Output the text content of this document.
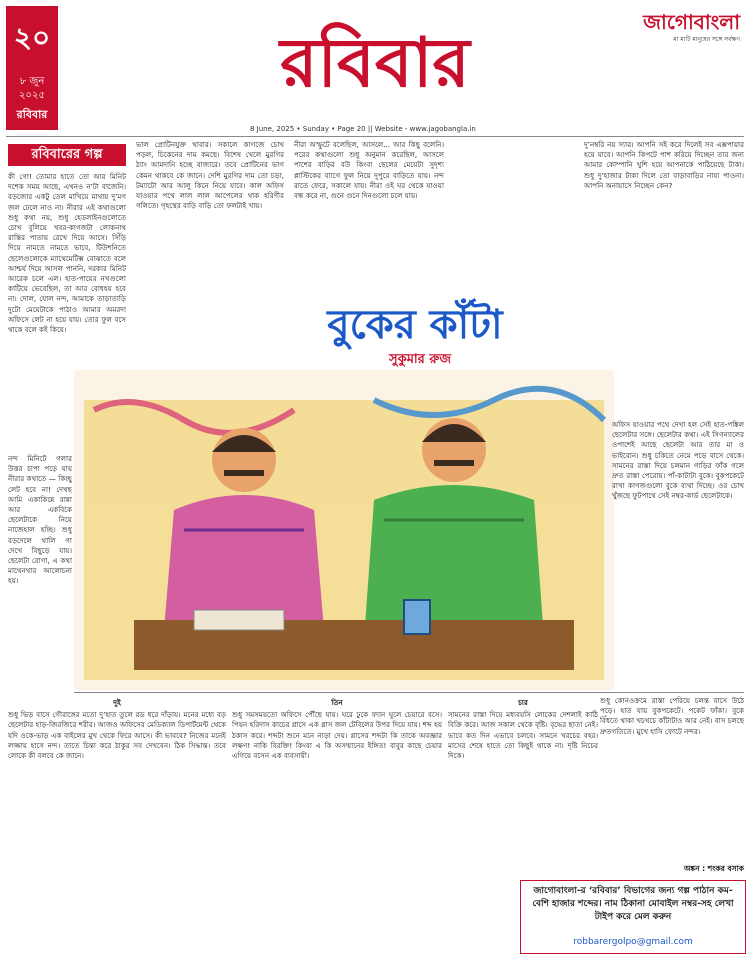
২০
৮ জুন
২০২৫
রবিবার
রবিবার
8 June, 2025 • Sunday • Page 20 || Website - www.jagobangla.in
জাগোবাংলা
মা মাটি মানুষের সঙ্গে সর্বক্ষণ
রবিবারের গল্প

কী গো! তোমার হাতে তো আর মিনিট দশেক সময় আছে, এখনও ন’টা বাজেনি। বড়জোর একটু তেল মাখিয়ে মাথায় দু’মগ জল ঢেলে নাও না। নীরার এই কথাগুলো শুধু কথা নয়, শুধু হেডলাইনগুলোতে চোখ বুলিয়ে খবর-কাগজটা লোকনাথ রাস্তির পাতায় রেখে দিয়ে আসে। সিঁড়ি দিয়ে নামতে নামতে ভাবে, টিউশনিতে ছেলেগুলোকে ম্যাথেমেটিক্স বোঝাতে বলে আশ্চর্য দিয়ে আসল পাননি, দরকার মিনিট আরেক চলে এল। হাত-পায়ের নখগুলো কাটিয়ে ভেবেছিল, তা আর বোধহয় হবে না। দোল, যোল নন্দ, আমাকে তাড়াতাড়ি দুটো মেয়েটাকে পাঠাও আমার অমরদা অফিসে লেট না হয়ে যায়। তোর ফুল বসে থাকে বলে কই কিয়ে।

নন্দ মিনিটে গলার উত্তর চাপা পড়ে যায় নীরার কথাতে — কিচ্ছু লেট হবে না! দেখছ আমি একাকিন্নে রান্না আর একবিকে ছেলেটাকে নিয়ে নাজেহাল হচ্ছি। শুধু বড়দেলে থালি গা দেখে বিছুড়ে যায়। ছেলেটা রোগা, এ কথা মাথেনথার আলোচনা হয়।

ভাল প্রোটিনযুক্ত খাবার। সকালে কাগজে চোখ পড়ল, চিকেনের দাম কমছে। বিশেষ খেলে মুরগির ঠ্যাং আমদানি হচ্ছে বাজারে। তবে প্রোটিনের ভাগ কেমন থাকবে কে জানে। দেশি মুরগির দাম তো চড়া, টম্যাটো আর আলু কিনে নিয়ে যাবে। কাল অফিস যাওয়ার পথে লাল লাল আপেলের থাক হরিণীর গলিতে। গৃহস্থের বাড়ি বাড়ি তো ফলটাই খায়।

নীরা অস্ফুটে বলেছিল, আসলে... আর কিছু বলেনি। পরের কথাগুলো শুধু অনুমান করেছিল, আসলে পাশের বাড়ির বউ কিংবা ছেলের মেয়েটা সুদৃশ্য প্লাস্টিকের ব্যাগে ফুল নিয়ে দুপুরে বাড়িতে যায়। নন্দ রাতে ফেরে, সকালে যায়। নীরা ওই ঘর থেকে যাওয়া বন্ধ করে না, গুনে গুনে দিনগুলো চলে যায়।

দু’নম্বরি নয় স্যার। আপনি সই করে দিলেই সব এক্সপায়ার হয়ে যাবে। আপনি কিপটে পাশ করিয়ে দিচ্ছেন তার জন্য আমার কোম্পানি খুশি হয়ে আপনাকে পাঠিয়েছে টাকা। শুধু দু’হাজার টাকা দিলে তো বাড়াবাড়ির নায্য পাওনা। আপনি অনায়াসে নিচ্ছেন কেন?

বুকের কাঁটা
সুকুমার রুজ

অফিস যাওয়ার পথে দেখা হল সেই হাত-পঙ্কিল ছেলেটার সঙ্গে। ছেলেটার কথা। এই সিগন্যালের ওপাশেই আছে ছেলেটা আর তার মা ও ভাইবোন। শুধু চকিতে নেমে পড়ে বাসে থেকে। সামনের রাস্তা দিয়ে চলমান গাড়ির ফাঁক গলে দ্রুত রাস্তা পেরোয়। পাঁ-কাটাটা বুকে। বুকপকেটে রাখা কাগজগুলো বুকে ব্যথা দিচ্ছে। ওর চোখ খুঁজছে ফুটপাথে সেই নম্বর-কার্ড ছেলেটাকে।

দুই

শুধু ভিড় বাসে গৌরাঙ্গের মতো দু’হাত তুলে রড ধরে দাঁড়ায়। মনের মধ্যে বড় ছেলেটার হাড়-জিরজিরে শরীর। আজও অফিসের মেডিক্যাল ডিপার্টমেন্ট থেকে যদি ওকে-ভাড় এক বাইলের মুখ থেকে ফিরে আসে। কী ভাববে? নিজের মনেই লজ্জায় হাসে নন্দ। তাতে চিন্তা করে ঠাকুর সব দেখবেন। ঠিক সিদ্ধান্ত। তবে লোকে কী বলবে কে জানে।

তিন

শুধু সমসময়তো অফিসে পৌঁছে যায়। ঘরে ঢুকে ফ্যান ঘুলে চেয়ারে বসে। পিয়ন হরিদাস কাচের গ্লাসে এক গ্লাস জল টেবিলের উপর দিয়ে যায়। শব্দ হয় ঠকাস করে। শব্দটা শুনে মনে নাড়া দেয়। গ্লাসের শব্দটা কি তাকে অবজ্ঞার লক্ষণ! নাকি বিরক্তি! কিংবা এ কি অসম্মানের ইঙ্গিত! বাবুর কাছে চেয়ার এগিয়ে বসেন এক ব্যবসায়ী।

চার

সামনের রাস্তা দিয়ে মধ্যবয়সি লোকের দেশলাই কাঠি বিক্রি করে। আজ সকাল থেকে বৃষ্টি। বৃদ্ধের ছাতা নেই। ভাবে কত দিন এভাবে চলবে। সামনে খরচের বহর। মাসের শেষে হাতে তো কিছুই থাকে না। দৃষ্টি নিচের দিকে।

শুধু কোনওক্রমে রাস্তা পেরিয়ে চলন্ত বাসে উঠে পড়ে। হাত যায় বুকপকেটে। পকেট ফাঁকা। বুকে বিঁধতে থাকা খচখচে কাঁটাটাও আর নেই। বাস চলছে দ্রুতগতিতে। মুখে হাসি ফোটে নন্দর।

অঙ্কন : শংকর বসাক
জাগোবাংলা-র ‘রবিবার’ বিভাগের জন্য গল্প পাঠান কম-বেশি হাজার শব্দের। নাম ঠিকানা মোবাইল নম্বর-সহ লেখা টাইপ করে মেল করুন
robbarergolpo@gmail.com
